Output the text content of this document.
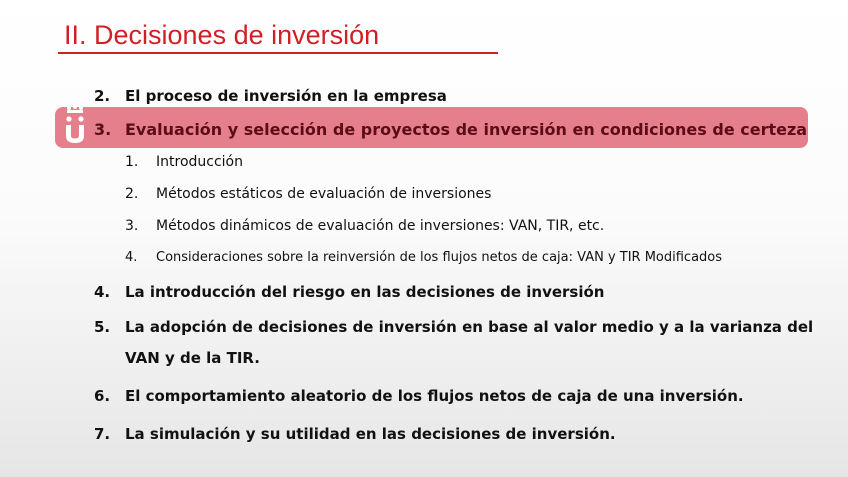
II. Decisiones de inversión
2. El proceso de inversión en la empresa
3. Evaluación y selección de proyectos de inversión en condiciones de certeza
1. Introducción
2. Métodos estáticos de evaluación de inversiones
3. Métodos dinámicos de evaluación de inversiones: VAN, TIR, etc.
4. Consideraciones sobre la reinversión de los flujos netos de caja: VAN y TIR Modificados
4. La introducción del riesgo en las decisiones de inversión
5. La adopción de decisiones de inversión en base al valor medio y a la varianza del
VAN y de la TIR.
6. El comportamiento aleatorio de los flujos netos de caja de una inversión.
7. La simulación y su utilidad en las decisiones de inversión.
